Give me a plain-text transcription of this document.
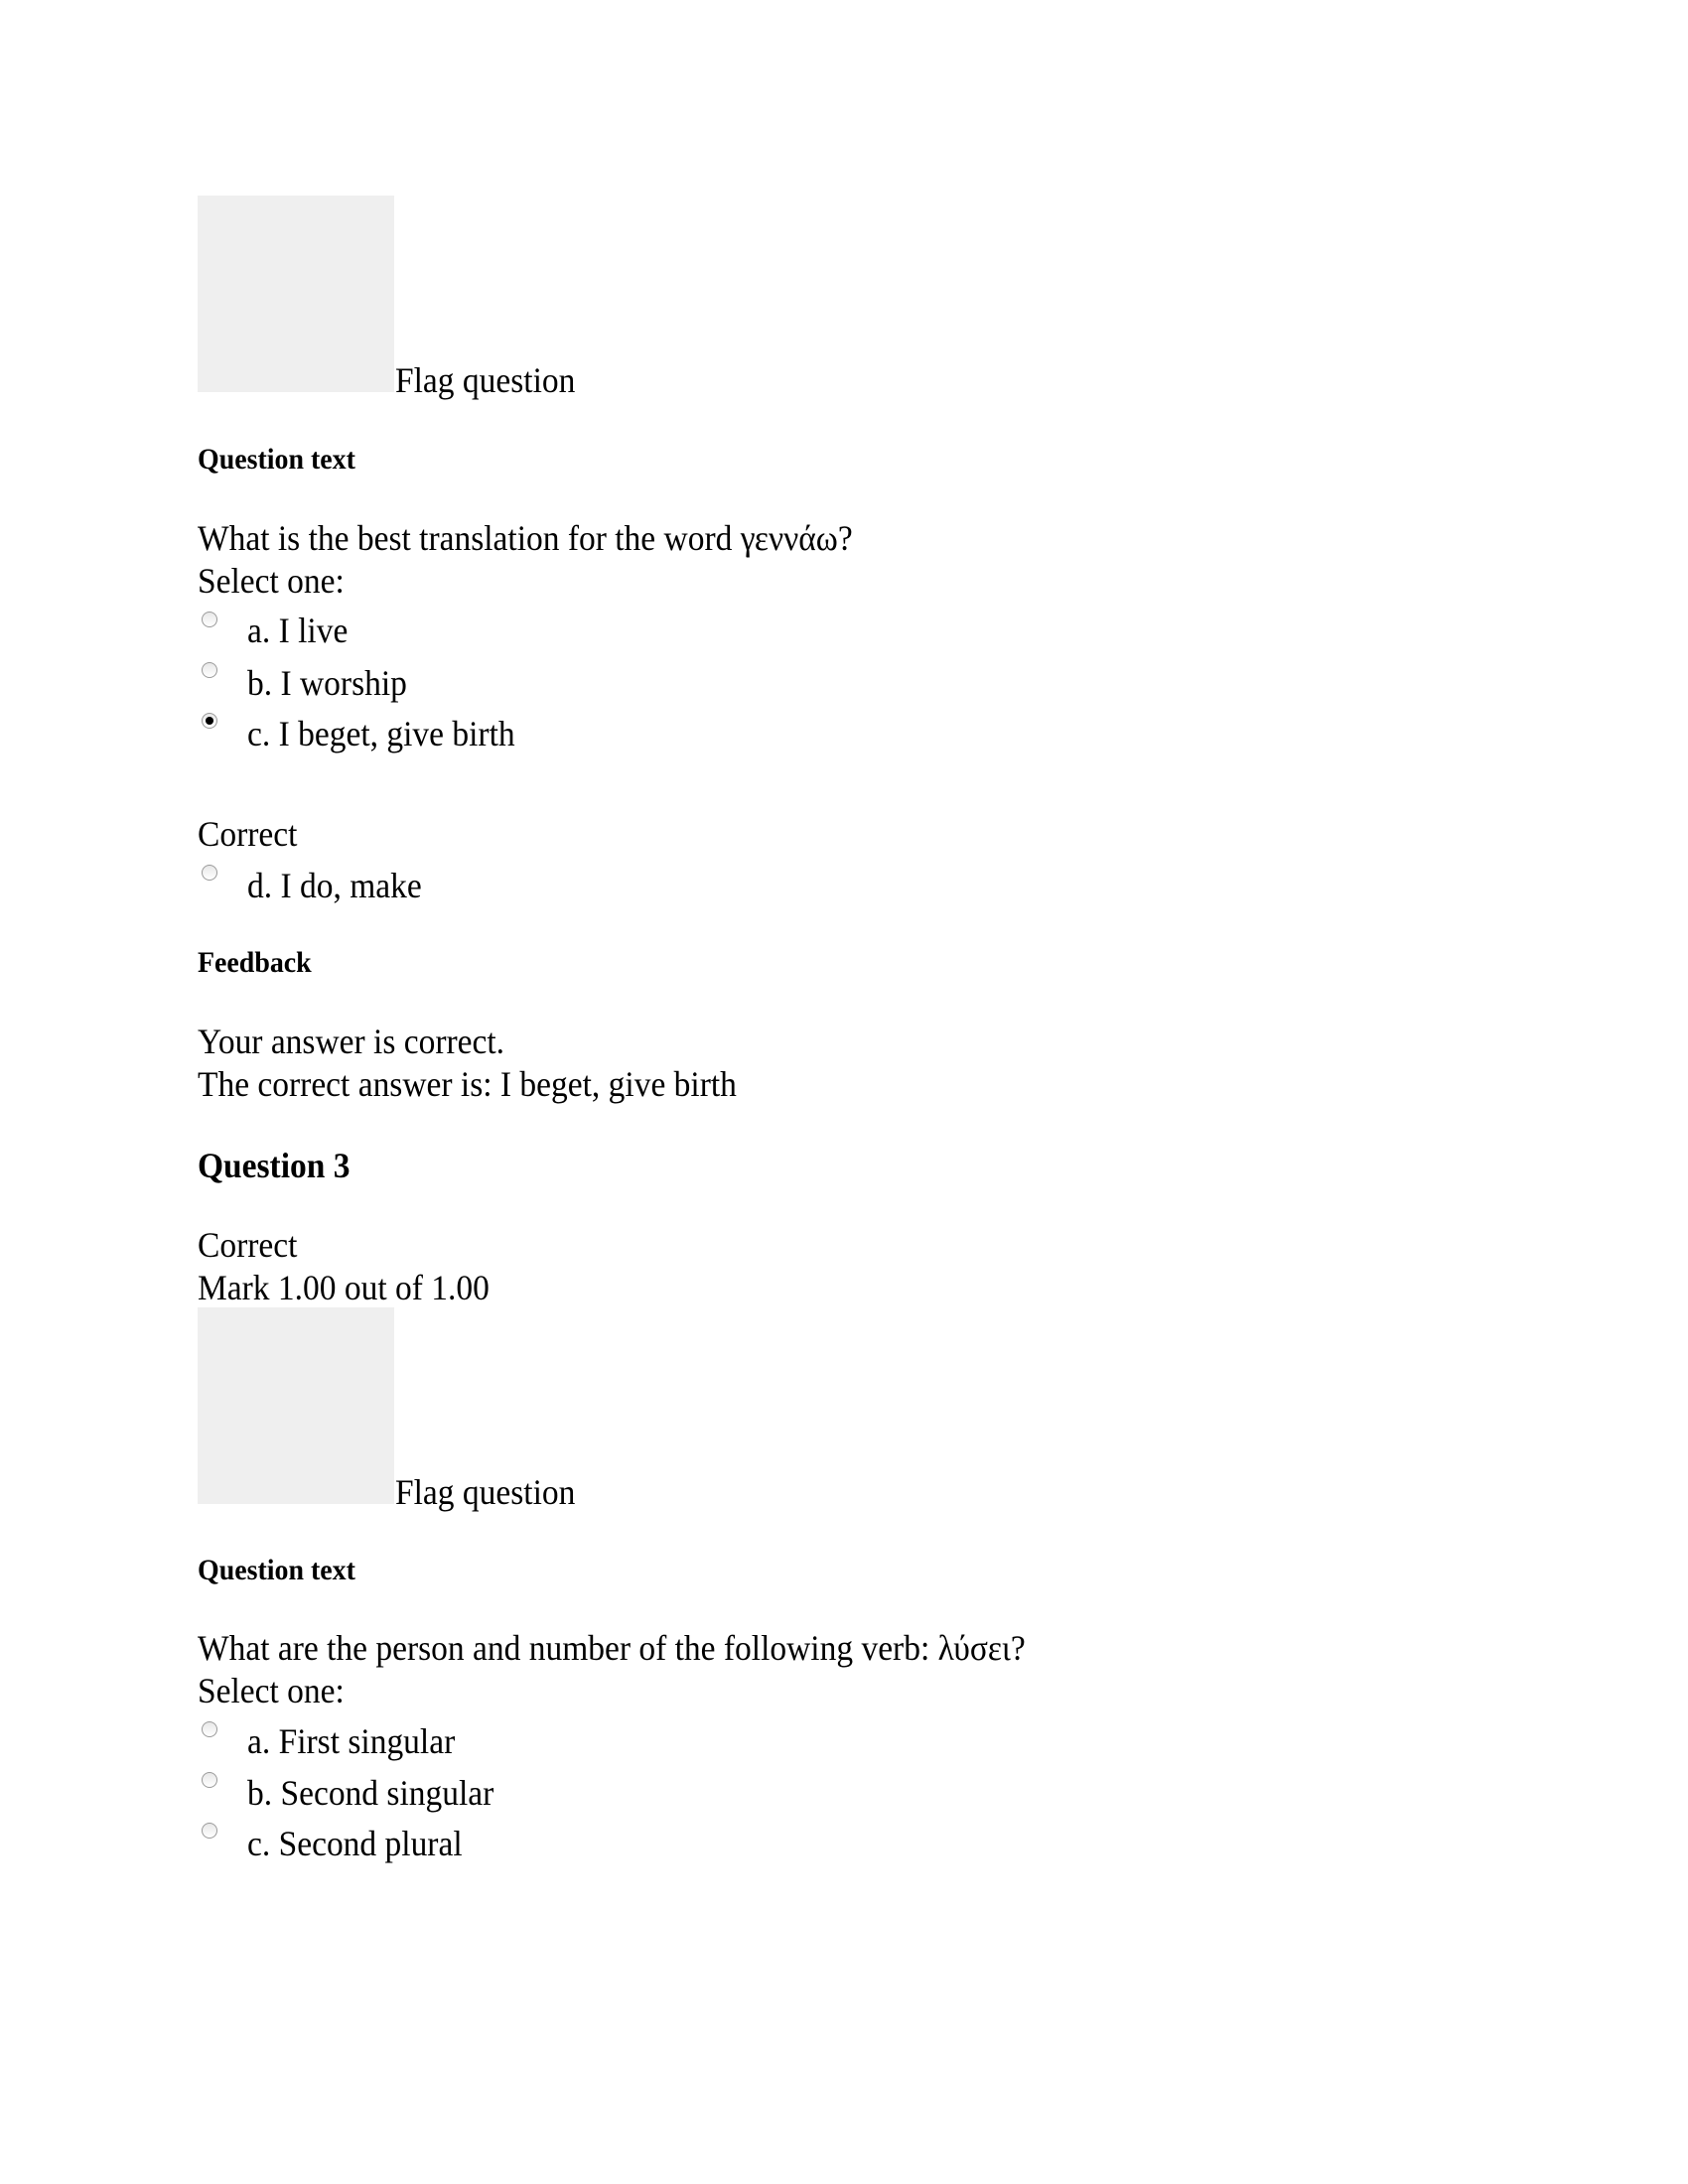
Flag question
Question text
What is the best translation for the word γεννάω?
Select one:
a. I live
b. I worship
c. I beget, give birth
Correct
d. I do, make
Feedback
Your answer is correct.
The correct answer is: I beget, give birth
Question 3
Correct
Mark 1.00 out of 1.00
Flag question
Question text
What are the person and number of the following verb: λύσει?
Select one:
a. First singular
b. Second singular
c. Second plural
